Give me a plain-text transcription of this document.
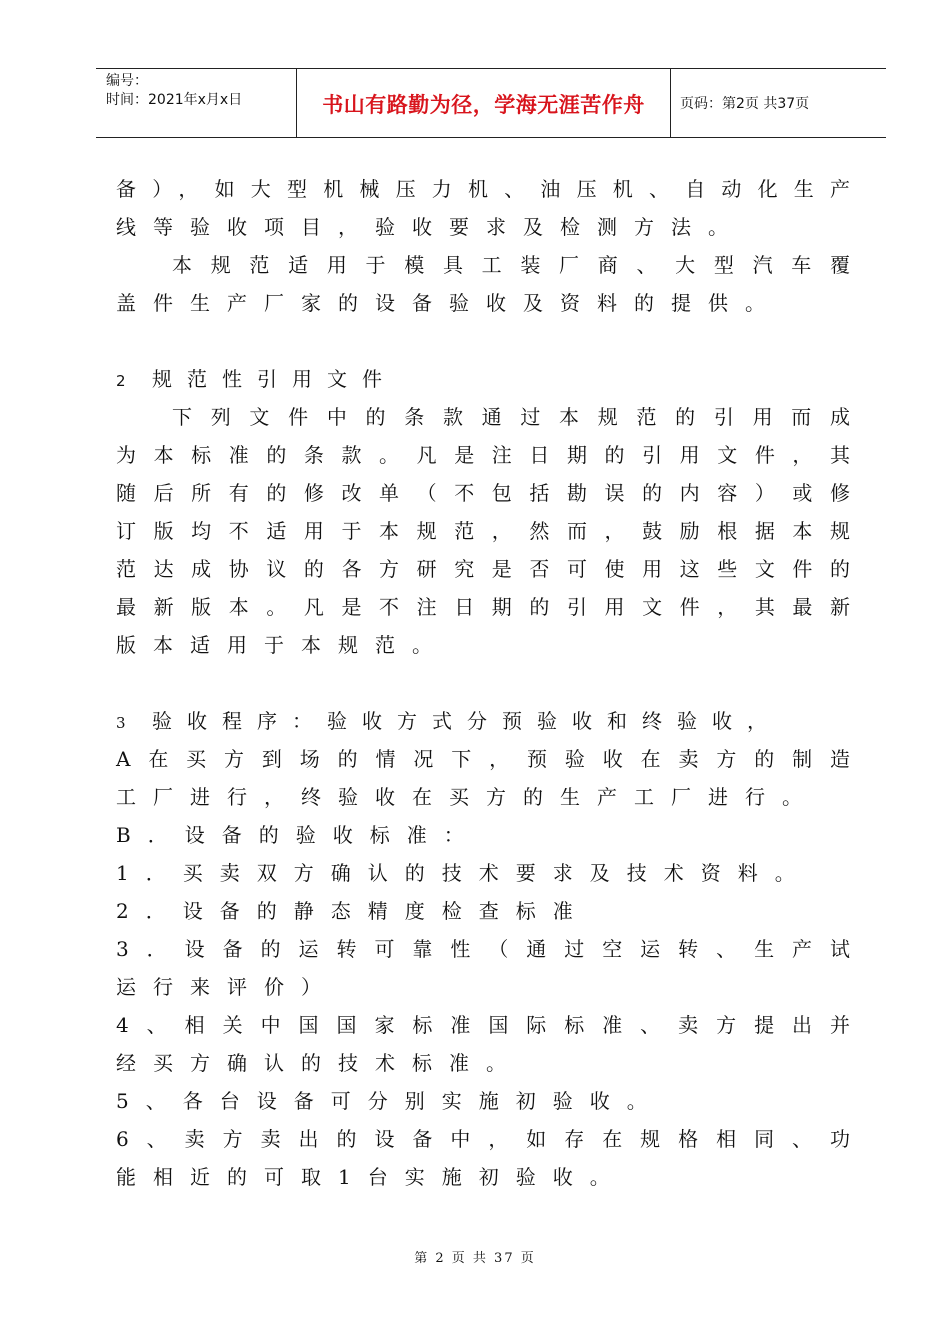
编号：
时间：2021年x月x日	书山有路勤为径，学海无涯苦作舟	页码：第2页 共37页
备），如大型机械压力机、油压机、自动化生产
线等验收项目，验收要求及检测方法。
本规范适用于模具工装厂商、大型汽车覆
盖件生产厂家的设备验收及资料的提供。
2 规范性引用文件
下列文件中的条款通过本规范的引用而成
为本标准的条款。凡是注日期的引用文件，其
随后所有的修改单（不包括勘误的内容）或修
订版均不适用于本规范，然而，鼓励根据本规
范达成协议的各方研究是否可使用这些文件的
最新版本。凡是不注日期的引用文件，其最新
版本适用于本规范。
3 验收程序：验收方式分预验收和终验收，
A在买方到场的情况下，预验收在卖方的制造
工厂进行，终验收在买方的生产工厂进行。
B．设备的验收标准：
1．买卖双方确认的技术要求及技术资料。
2．设备的静态精度检查标准
3．设备的运转可靠性（通过空运转、生产试
运行来评价）
4、相关中国国家标准国际标准、卖方提出并
经买方确认的技术标准。
5、各台设备可分别实施初验收。
6、卖方卖出的设备中，如存在规格相同、功
能相近的可取1台实施初验收。
第 2 页 共 37 页
